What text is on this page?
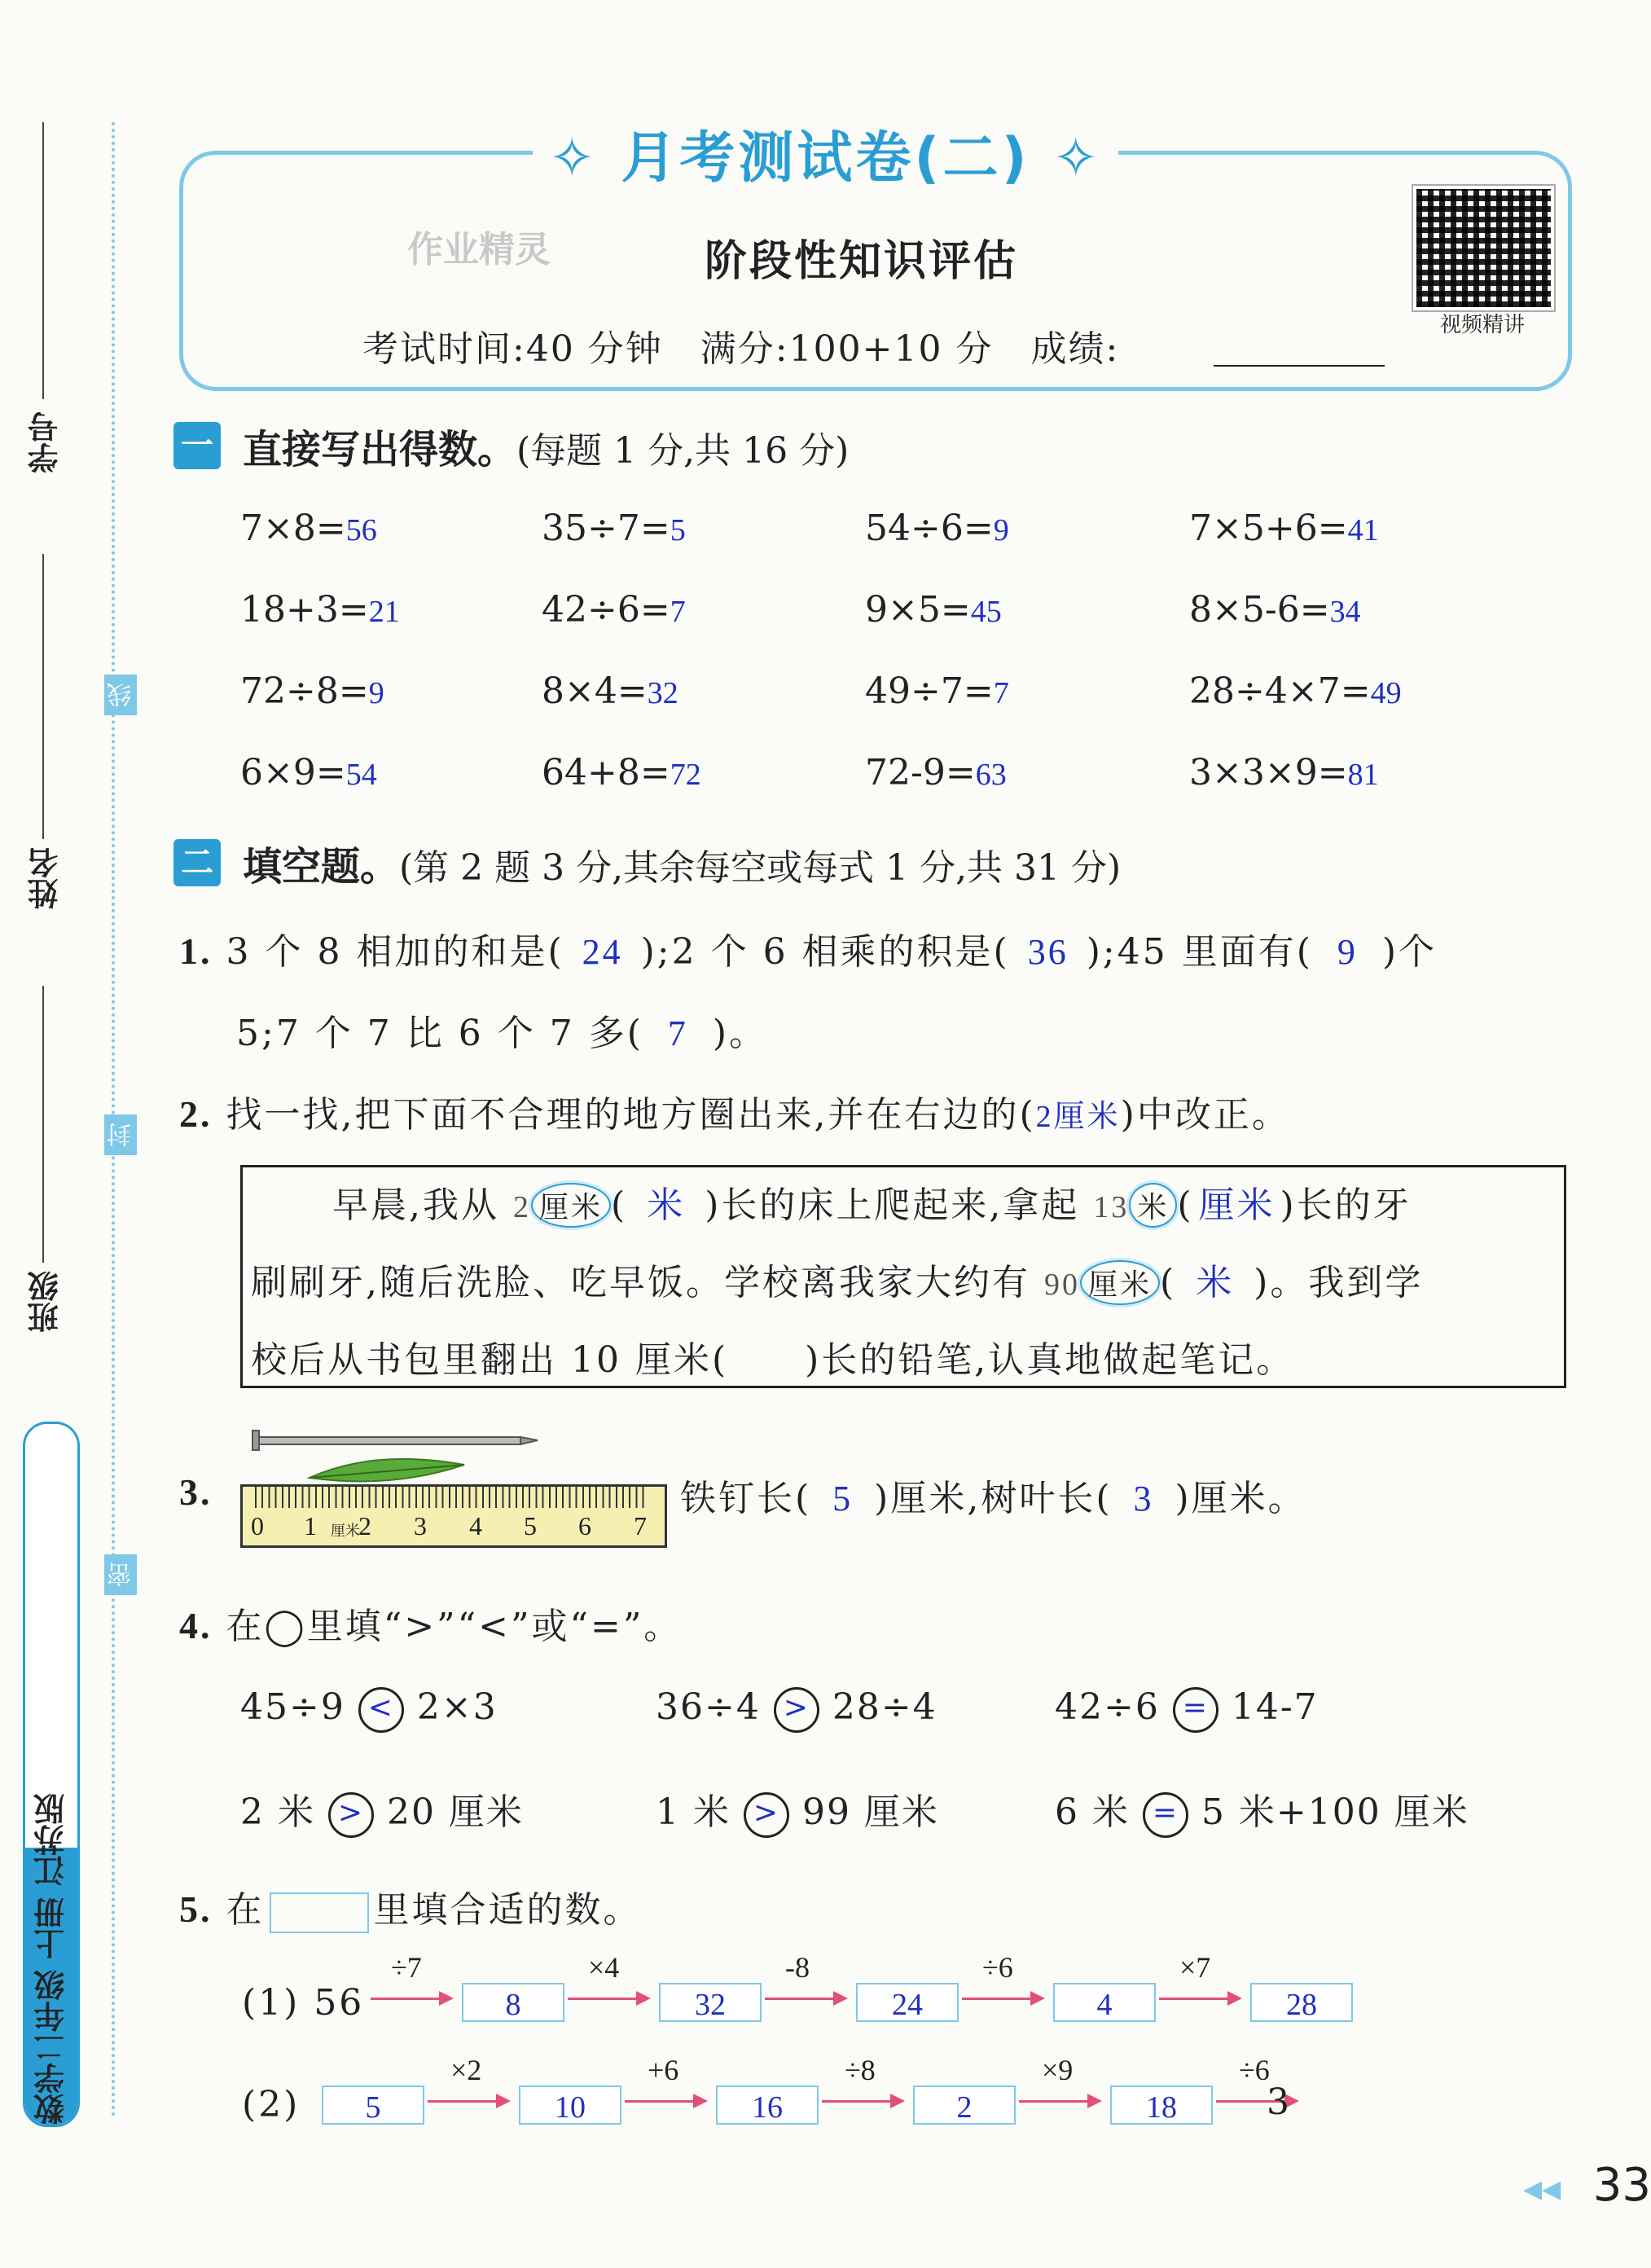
学号
姓名
班级
线
封
密
数学二年级 上册 江苏版
亮点给力大试卷
✧ 月考测试卷(二) ✧
作业精灵	阶段性知识评估
考试时间:40 分钟　满分:100+10 分　成绩:
视频精讲
一 直接写出得数。(每题 1 分,共 16 分)
7×8=56	35÷7=5	54÷6=9	7×5+6=41
18+3=21	42÷6=7	9×5=45	8×5-6=34
72÷8=9	8×4=32	49÷7=7	28÷4×7=49
6×9=54	64+8=72	72-9=63	3×3×9=81
二 填空题。(第 2 题 3 分,其余每空或每式 1 分,共 31 分)
1. 3 个 8 相加的和是( 24 );2 个 6 相乘的积是( 36 );45 里面有( 9 )个
5;7 个 7 比 6 个 7 多( 7 )。
2. 找一找,把下面不合理的地方圈出来,并在右边的(2厘米)中改正。
早晨,我从 2 厘米 ( 米 )长的床上爬起来,拿起 13 米 ( 厘米 )长的牙
刷刷牙,随后洗脸、吃早饭。学校离我家大约有 90 厘米 ( 米 )。我到学
校后从书包里翻出 10 厘米(　　)长的铅笔,认真地做起笔记。
3.
0 1 厘米
2 3 4 5 6 7
铁钉长( 5 )厘米,树叶长( 3 )厘米。
4. 在◯里填“>”“<”或“=”。
45÷9 < 2×3	36÷4 > 28÷4	42÷6 = 14-7
2 米 > 20 厘米	1 米 > 99 厘米	6 米 = 5 米+100 厘米
5. 在	里填合适的数。
(1) 56
÷7
8
×4
32
-8
24
÷6
4
×7
28
(2)	5
×2
10
+6
16
÷8
2
×9
18
÷6
3
◀◀ 33
